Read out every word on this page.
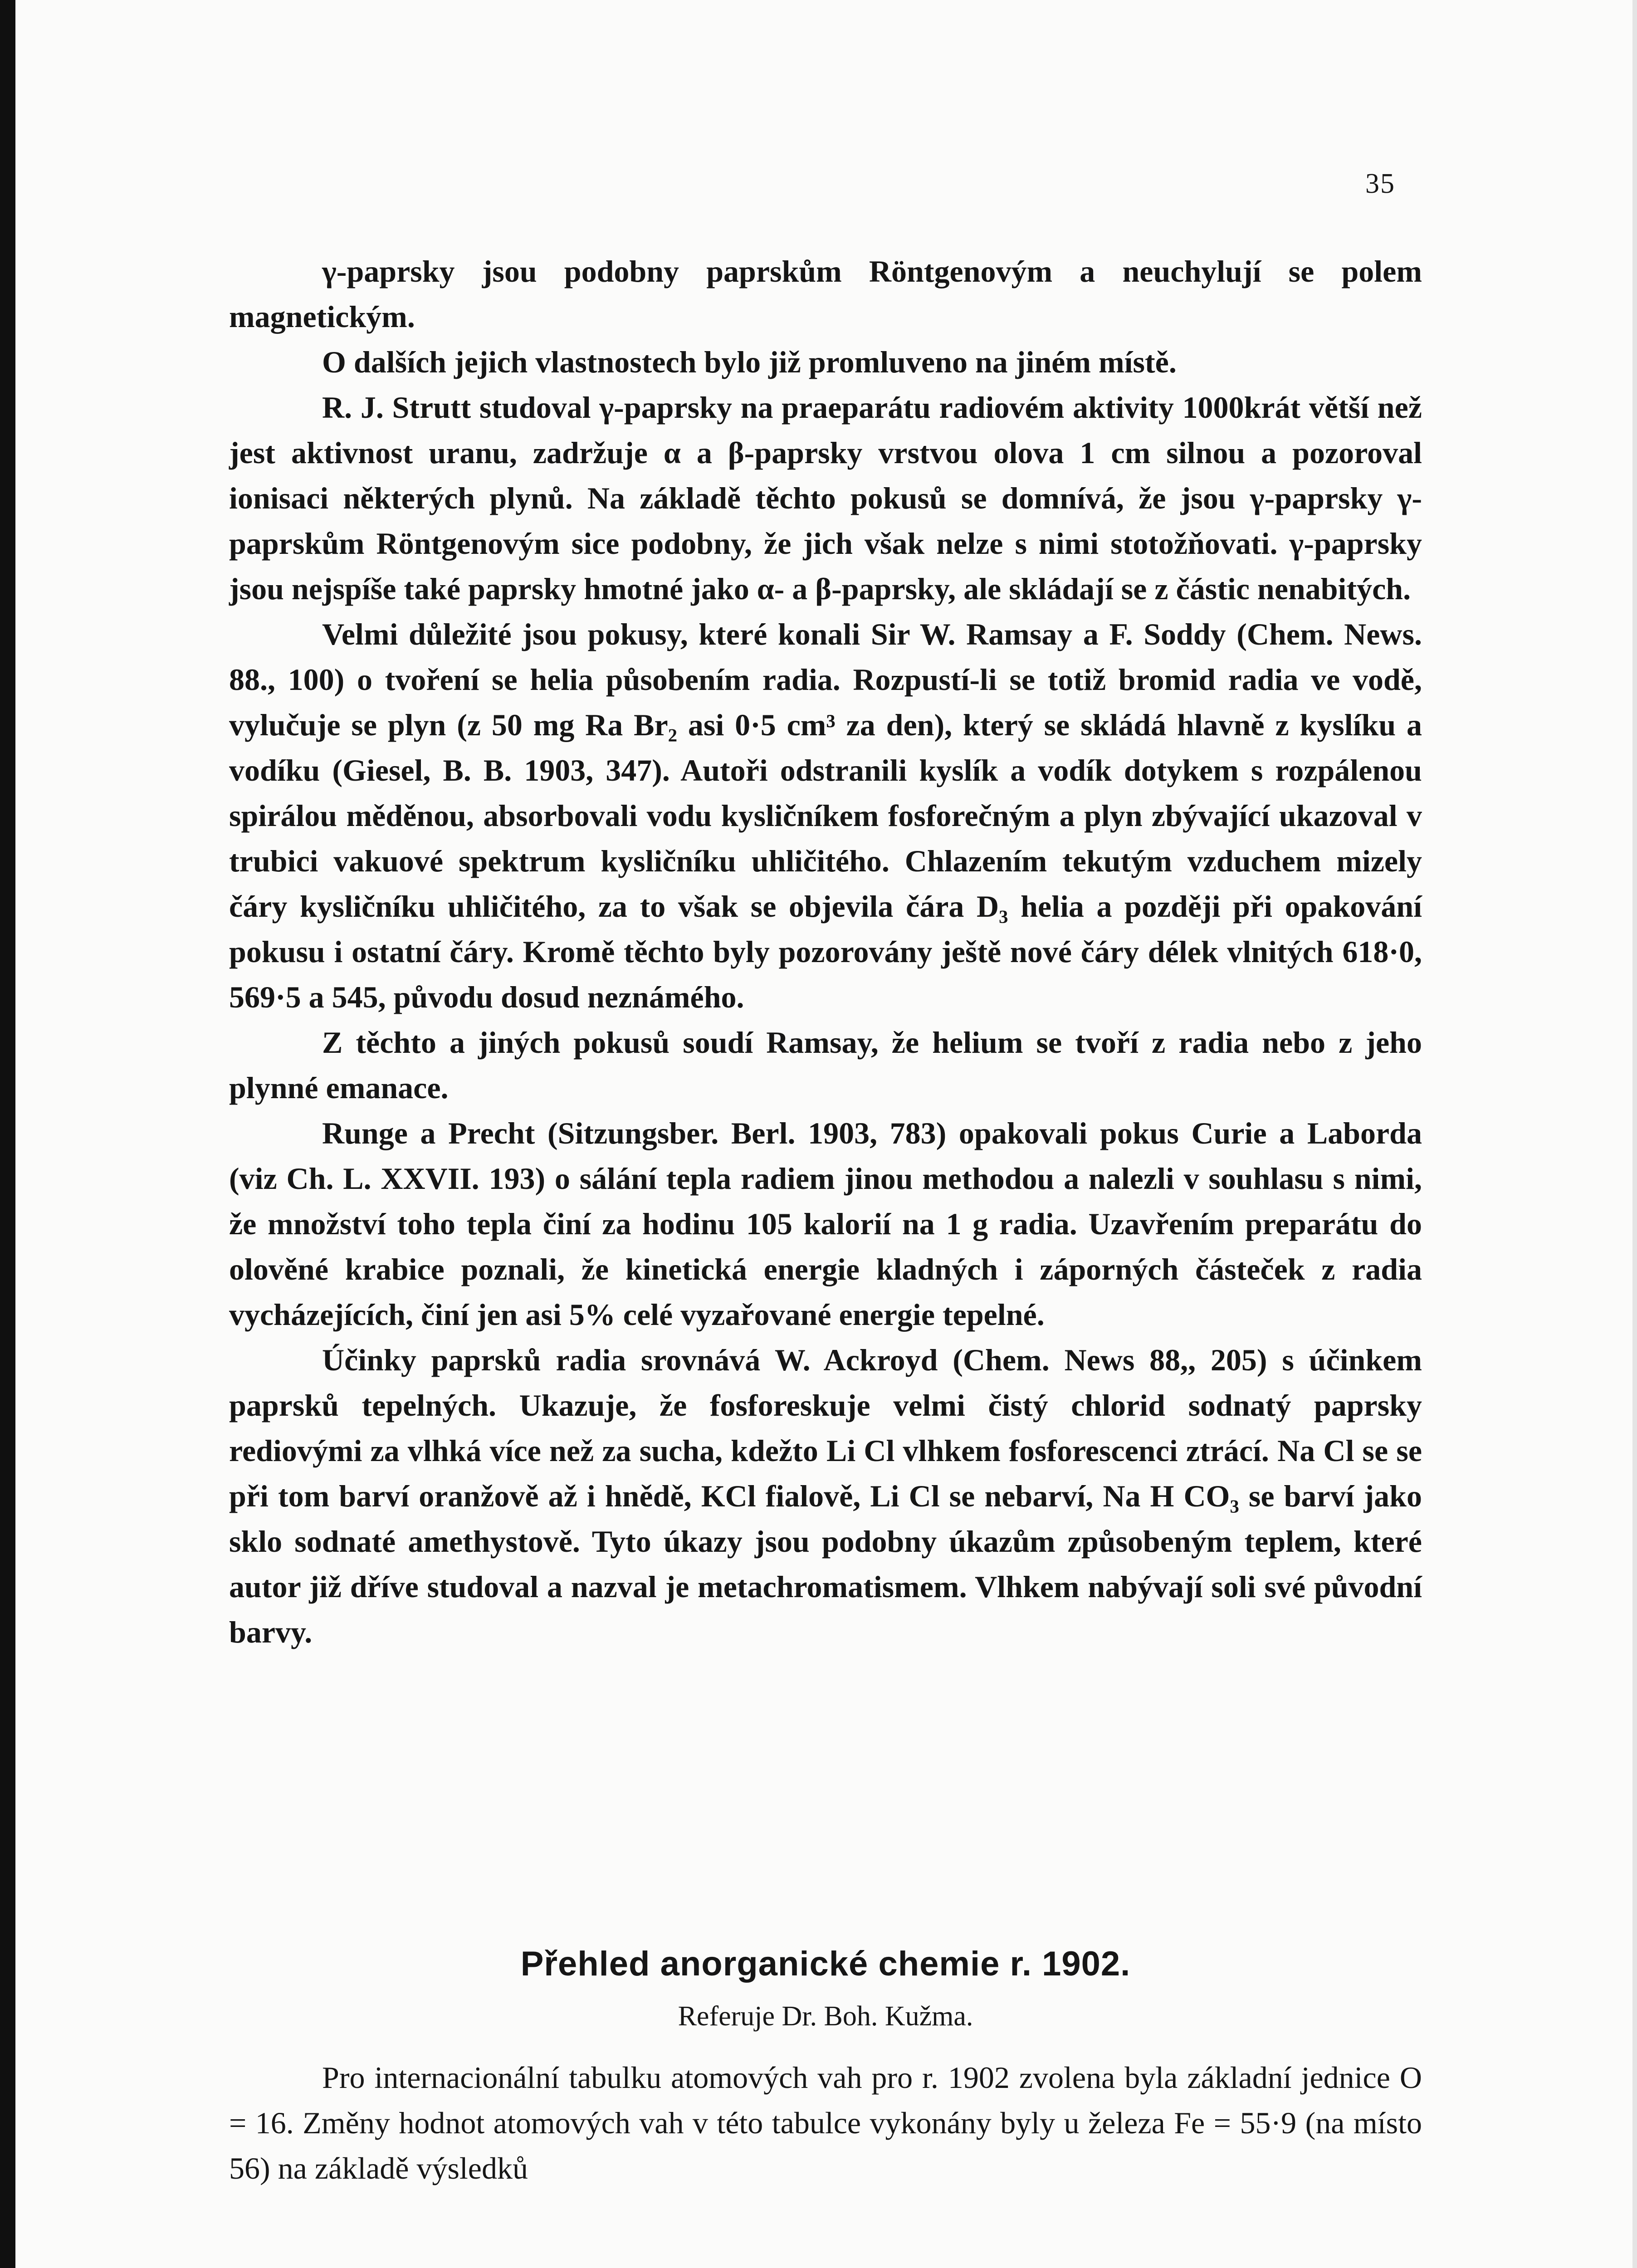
35

γ-paprsky jsou podobny paprskům Röntgenovým a neuchylují se polem magnetickým.

O dalších jejich vlastnostech bylo již promluveno na jiném místě.

R. J. Strutt studoval γ-paprsky na praeparátu radiovém aktivity 1000krát větší než jest aktivnost uranu, zadržuje α a β-paprsky vrstvou olova 1 cm silnou a pozoroval ionisaci některých plynů. Na základě těchto pokusů se domnívá, že jsou γ-paprsky γ-paprskům Röntgenovým sice podobny, že jich však nelze s nimi stotožňovati. γ-paprsky jsou nejspíše také paprsky hmotné jako α- a β-paprsky, ale skládají se z částic nenabitých.

Velmi důležité jsou pokusy, které konali Sir W. Ramsay a F. Soddy (Chem. News. 88., 100) o tvoření se helia působením radia. Rozpustí-li se totiž bromid radia ve vodě, vylučuje se plyn (z 50 mg Ra Br₂ asi 0·5 cm³ za den), který se skládá hlavně z kyslíku a vodíku (Giesel, B. B. 1903, 347). Autoři odstranili kyslík a vodík dotykem s rozpálenou spirálou měděnou, absorbovali vodu kysličníkem fosforečným a plyn zbývající ukazoval v trubici vakuové spektrum kysličníku uhličitého. Chlazením tekutým vzduchem mizely čáry kysličníku uhličitého, za to však se objevila čára D₃ helia a později při opakování pokusu i ostatní čáry. Kromě těchto byly pozorovány ještě nové čáry délek vlnitých 618·0, 569·5 a 545, původu dosud neznámého.

Z těchto a jiných pokusů soudí Ramsay, že helium se tvoří z radia nebo z jeho plynné emanace.

Runge a Precht (Sitzungsber. Berl. 1903, 783) opakovali pokus Curie a Laborda (viz Ch. L. XXVII. 193) o sálání tepla radiem jinou methodou a nalezli v souhlasu s nimi, že množství toho tepla činí za hodinu 105 kalorií na 1 g radia. Uzavřením preparátu do olověné krabice poznali, že kinetická energie kladných i záporných částeček z radia vycházejících, činí jen asi 5% celé vyzařované energie tepelné.

Účinky paprsků radia srovnává W. Ackroyd (Chem. News 88,, 205) s účinkem paprsků tepelných. Ukazuje, že fosforeskuje velmi čistý chlorid sodnatý paprsky rediovými za vlhká více než za sucha, kdežto Li Cl vlhkem fosforescenci ztrácí. Na Cl se se při tom barví oranžově až i hnědě, KCl fialově, Li Cl se nebarví, Na H CO₃ se barví jako sklo sodnaté amethystově. Tyto úkazy jsou podobny úkazům způsobeným teplem, které autor již dříve studoval a nazval je metachromatismem. Vlhkem nabývají soli své původní barvy.

Přehled anorganické chemie r. 1902.
Referuje Dr. Boh. Kužma.

Pro internacionální tabulku atomových vah pro r. 1902 zvolena byla základní jednice O = 16. Změny hodnot atomových vah v této tabulce vykonány byly u železa Fe = 55·9 (na místo 56) na základě výsledků
